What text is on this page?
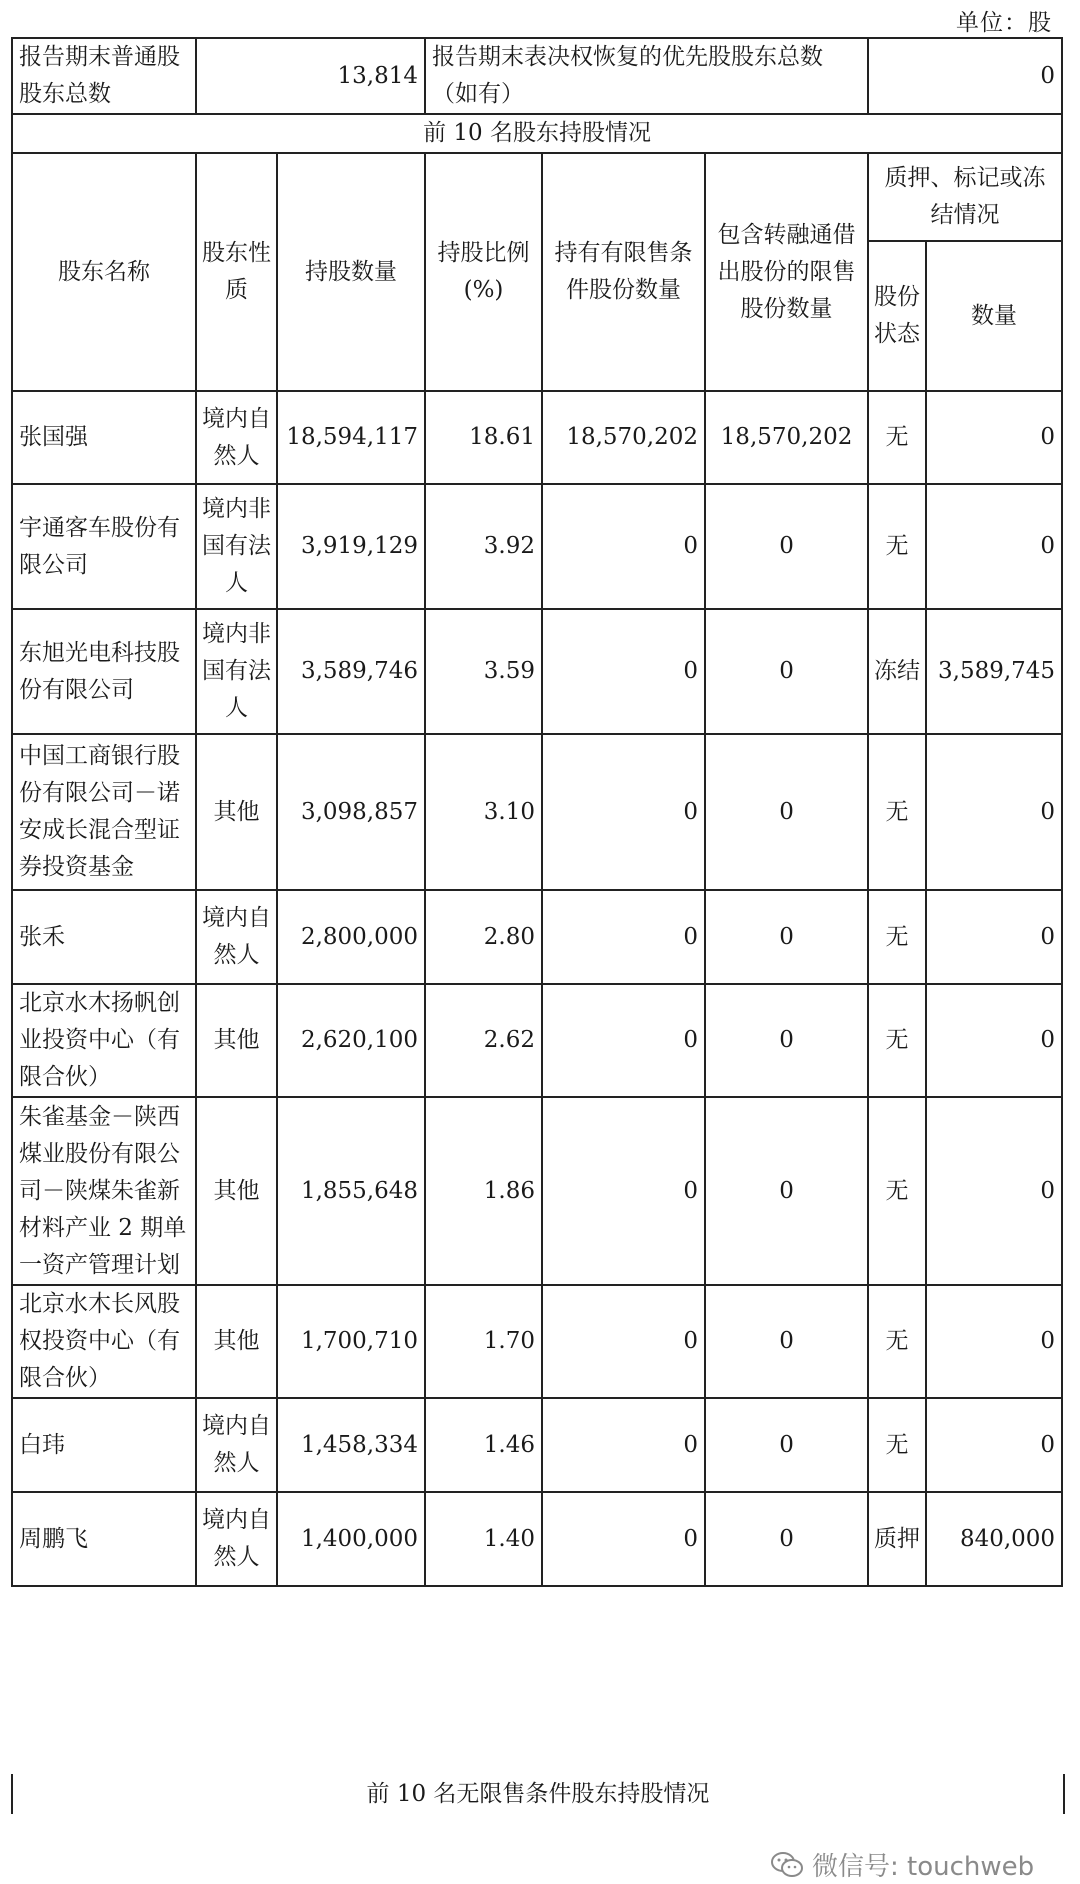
单位：股
报告期末普通股股东总数	13,814		报告期末表决权恢复的优先股股东总数（如有）			0	
前 10 名股东持股情况							
股东名称	股东性质	持股数量	持股比例(%)	持有有限售条件股份数量	包含转融通借出股份的限售股份数量	质押、标记或冻结情况	
						股份状态	数量
张国强	境内自然人	18,594,117	18.61	18,570,202	18,570,202	无	0
宇通客车股份有限公司	境内非国有法人	3,919,129	3.92	0	0	无	0
东旭光电科技股份有限公司	境内非国有法人	3,589,746	3.59	0	0	冻结	3,589,745
中国工商银行股份有限公司－诺安成长混合型证券投资基金	其他	3,098,857	3.10	0	0	无	0
张禾	境内自然人	2,800,000	2.80	0	0	无	0
北京水木扬帆创业投资中心（有限合伙）	其他	2,620,100	2.62	0	0	无	0
朱雀基金－陕西煤业股份有限公司－陕煤朱雀新材料产业 2 期单一资产管理计划	其他	1,855,648	1.86	0	0	无	0
北京水木长风股权投资中心（有限合伙）	其他	1,700,710	1.70	0	0	无	0
白玮	境内自然人	1,458,334	1.46	0	0	无	0
周鹏飞	境内自然人	1,400,000	1.40	0	0	质押	840,000
前 10 名无限售条件股东持股情况
微信号: touchweb
